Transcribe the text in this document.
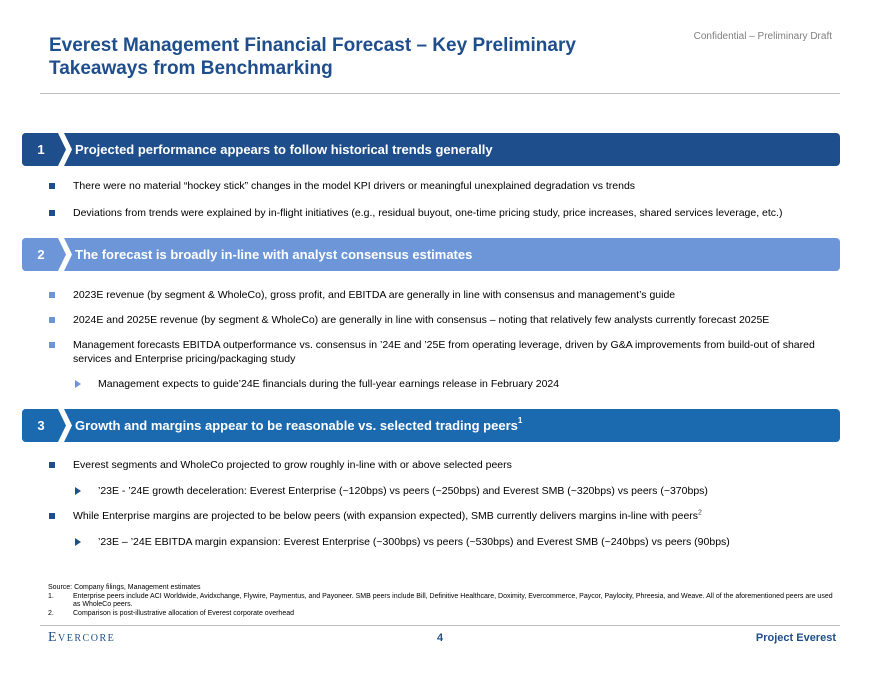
Confidential – Preliminary Draft
Everest Management Financial Forecast – Key Preliminary Takeaways from Benchmarking
1	Projected performance appears to follow historical trends generally
There were no material “hockey stick” changes in the model KPI drivers or meaningful unexplained degradation vs trends
Deviations from trends were explained by in-flight initiatives (e.g., residual buyout, one-time pricing study, price increases, shared services leverage, etc.)
2	The forecast is broadly in-line with analyst consensus estimates
2023E revenue (by segment & WholeCo), gross profit, and EBITDA are generally in line with consensus and management’s guide
2024E and 2025E revenue (by segment & WholeCo) are generally in line with consensus – noting that relatively few analysts currently forecast 2025E
Management forecasts EBITDA outperformance vs. consensus in ’24E and ’25E from operating leverage, driven by G&A improvements from build-out of shared services and Enterprise pricing/packaging study
Management expects to guide’24E financials during the full-year earnings release in February 2024
3	Growth and margins appear to be reasonable vs. selected trading peers$^1$
Everest segments and WholeCo projected to grow roughly in-line with or above selected peers
’23E - ’24E growth deceleration: Everest Enterprise (~120bps) vs peers (~250bps) and Everest SMB (~320bps) vs peers (~370bps)
While Enterprise margins are projected to be below peers (with expansion expected), SMB currently delivers margins in-line with peers$^2$
’23E – ’24E EBITDA margin expansion: Everest Enterprise (~300bps) vs peers (~530bps) and Everest SMB (~240bps) vs peers (90bps)
Source: Company filings, Management estimates
1.	Enterprise peers include ACI Worldwide, Avidxchange, Flywire, Paymentus, and Payoneer. SMB peers include Bill, Definitive Healthcare, Doximity, Evercommerce, Paycor, Paylocity, Phreesia, and Weave. All of the aforementioned peers are used as WholeCo peers.
2.	Comparison is post-illustrative allocation of Everest corporate overhead
Evercore	4	Project Everest
